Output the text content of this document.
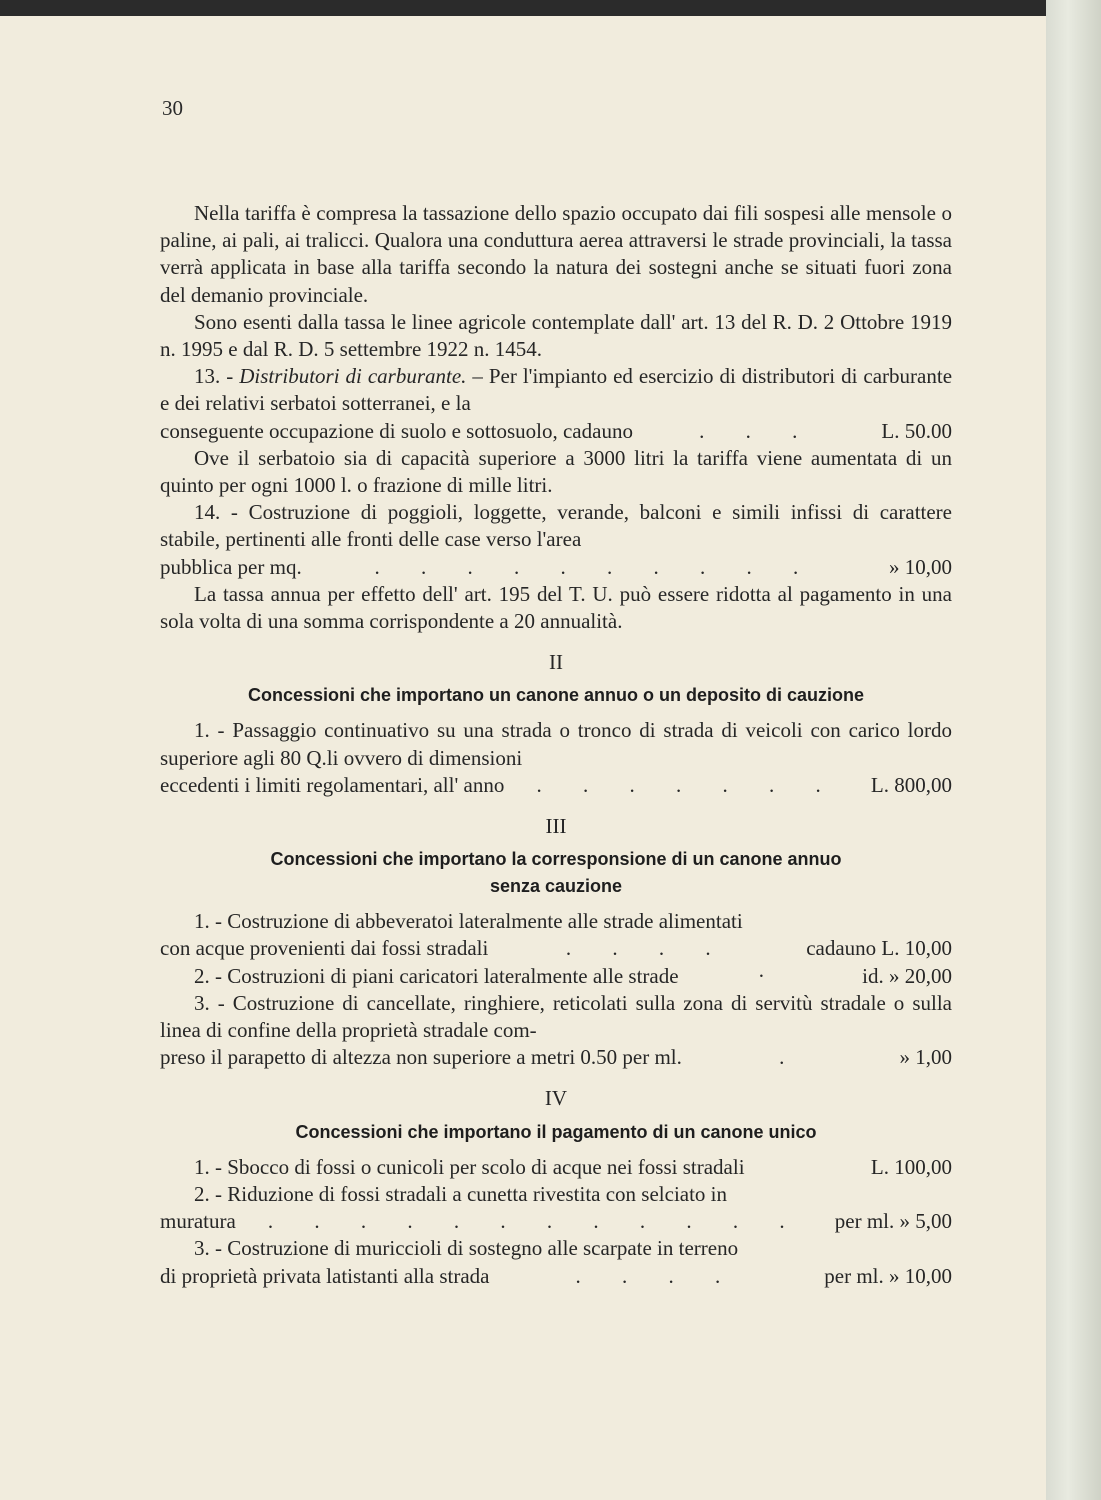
30

Nella tariffa è compresa la tassazione dello spazio occupato dai fili sospesi alle mensole o paline, ai pali, ai tralicci. Qualora una conduttura aerea attraversi le strade provinciali, la tassa verrà applicata in base alla tariffa secondo la natura dei sostegni anche se situati fuori zona del demanio provinciale.

Sono esenti dalla tassa le linee agricole contemplate dall' art. 13 del R. D. 2 Ottobre 1919 n. 1995 e dal R. D. 5 settembre 1922 n. 1454.

13. - Distributori di carburante. – Per l'impianto ed esercizio di distributori di carburante e dei relativi serbatoi sotterranei, e la

conseguente occupazione di suolo e sottosuolo, cadauno	. . .	L. 50.00

Ove il serbatoio sia di capacità superiore a 3000 litri la tariffa viene aumentata di un quinto per ogni 1000 l. o frazione di mille litri.

14. - Costruzione di poggioli, loggette, verande, balconi e simili infissi di carattere stabile, pertinenti alle fronti delle case verso l'area

pubblica per mq.	. . . . . . . . . .	» 10,00

La tassa annua per effetto dell' art. 195 del T. U. può essere ridotta al pagamento in una sola volta di una somma corrispondente a 20 annualità.

II
Concessioni che importano un canone annuo o un deposito di cauzione

1. - Passaggio continuativo su una strada o tronco di strada di veicoli con carico lordo superiore agli 80 Q.li ovvero di dimensioni

eccedenti i limiti regolamentari, all' anno	. . . . . . .	L. 800,00
III
Concessioni che importano la corresponsione di un canone annuo
senza cauzione

1. - Costruzione di abbeveratoi lateralmente alle strade alimentati

con acque provenienti dai fossi stradali	. . . .	cadauno L. 10,00
2. - Costruzioni di piani caricatori lateralmente alle strade	·	id. » 20,00

3. - Costruzione di cancellate, ringhiere, reticolati sulla zona di servitù stradale o sulla linea di confine della proprietà stradale com-

preso il parapetto di altezza non superiore a metri 0.50 per ml.	.	» 1,00
IV
Concessioni che importano il pagamento di un canone unico
1. - Sbocco di fossi o cunicoli per scolo di acque nei fossi stradali	L. 100,00

2. - Riduzione di fossi stradali a cunetta rivestita con selciato in

muratura	. . . . . . . . . . . .	per ml. » 5,00

3. - Costruzione di muriccioli di sostegno alle scarpate in terreno

di proprietà privata latistanti alla strada	. . . .	per ml. » 10,00
